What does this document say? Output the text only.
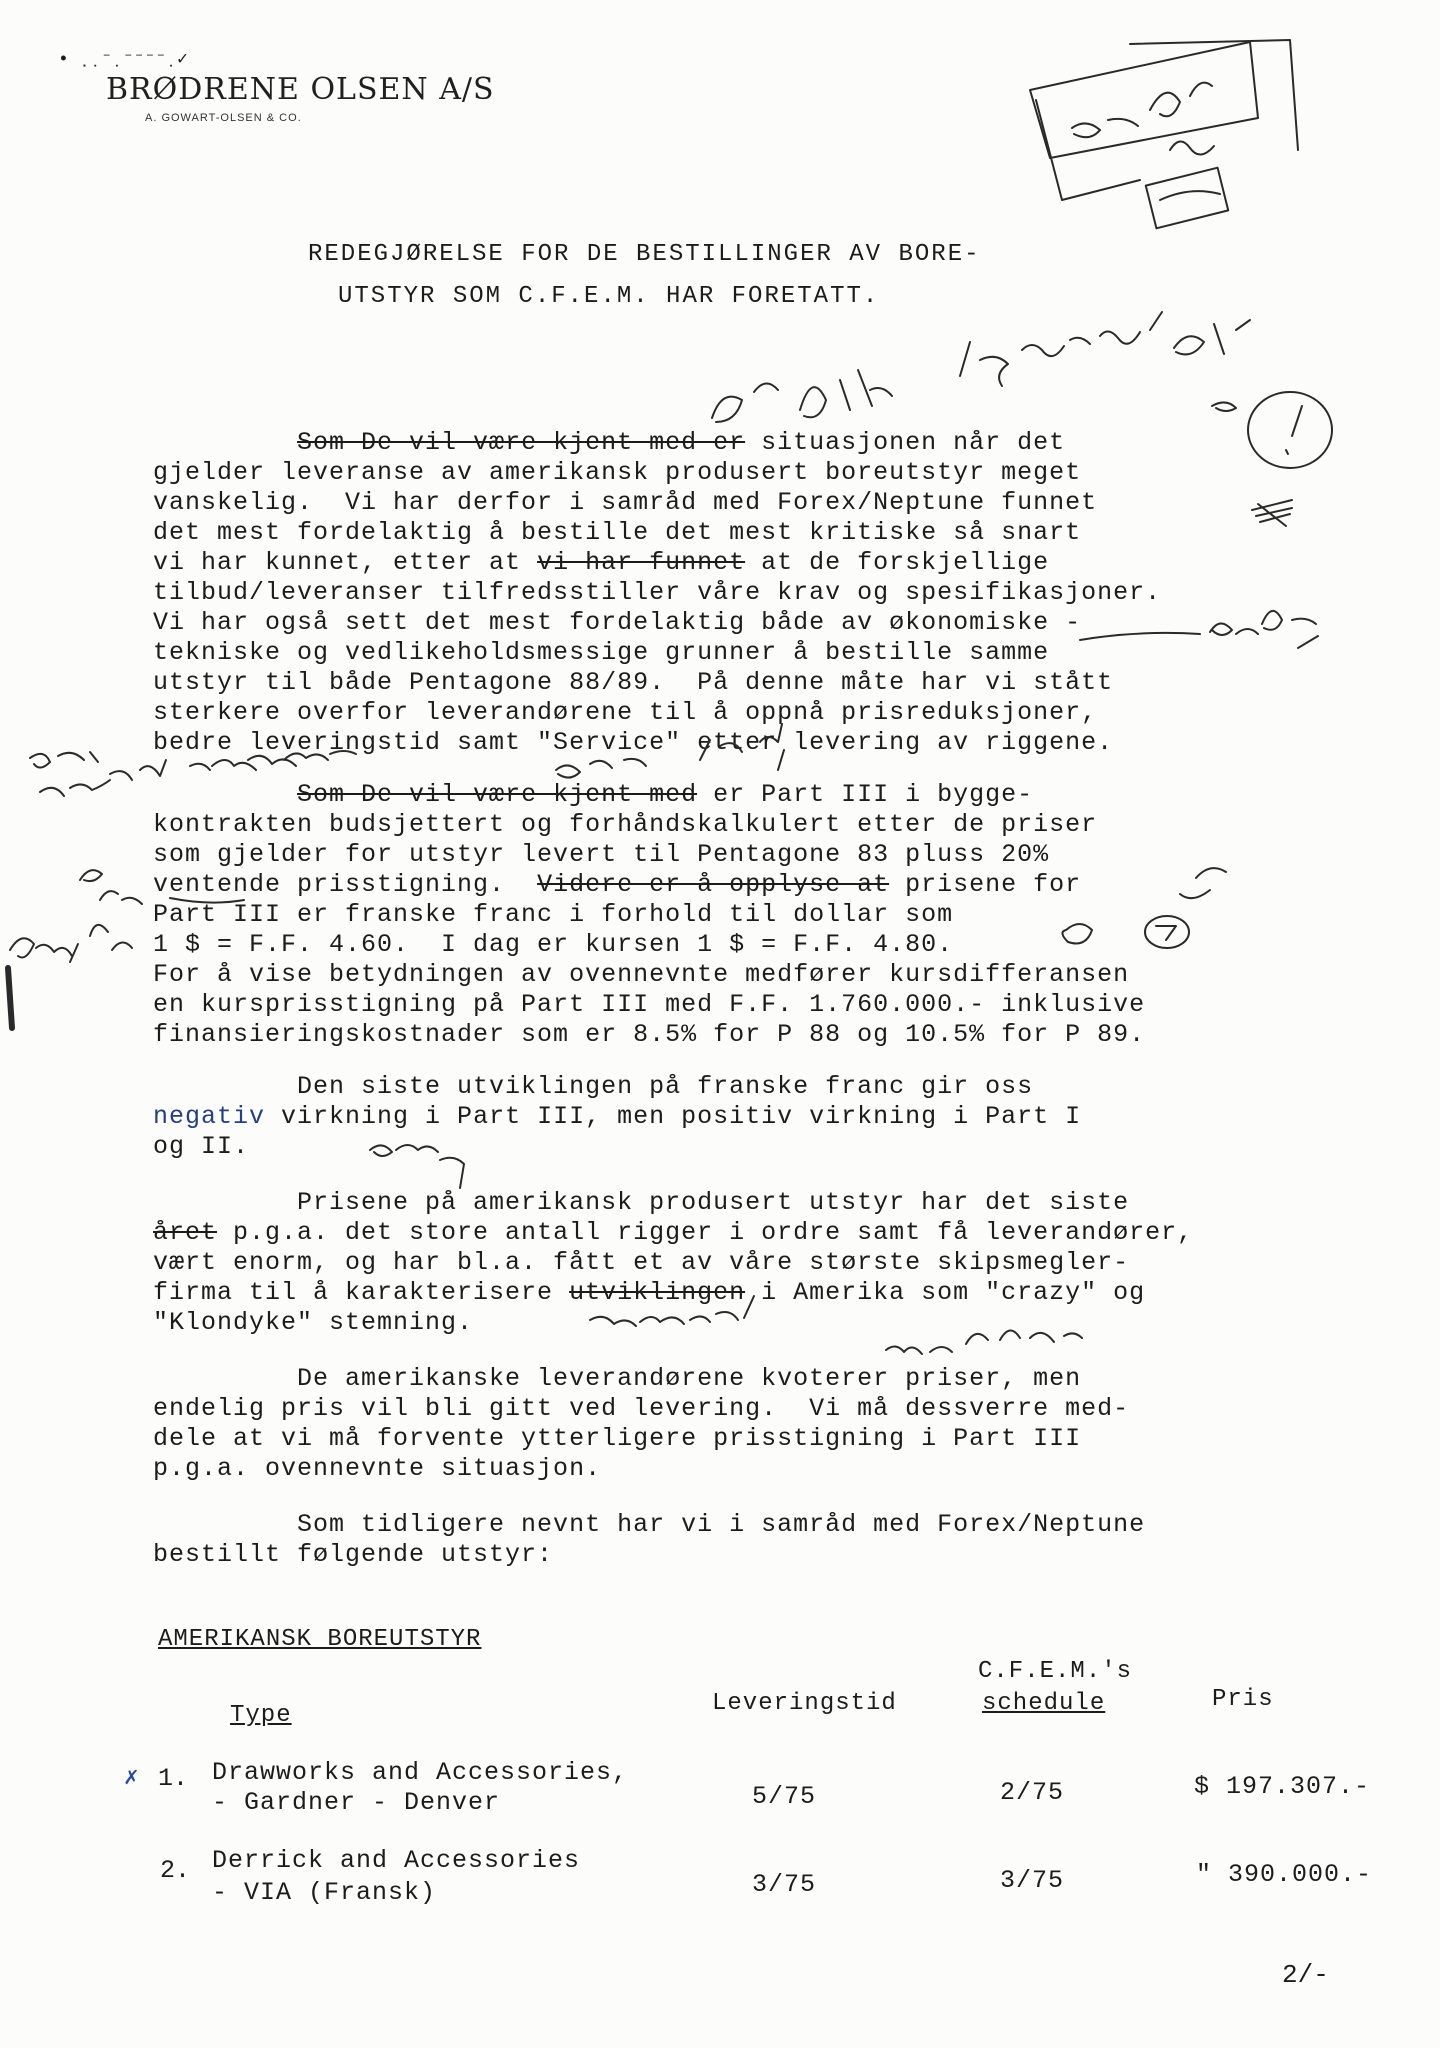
•  ̣̣̣ ̣⁻ ̣⁻⁻⁻⁻ ̣✓
BRØDRENE OLSEN A/S
A. GOWART-OLSEN & CO.
REDEGJØRELSE FOR DE BESTILLINGER AV BORE-
UTSTYR SOM C.F.E.M. HAR FORETATT.
Som De vil være kjent med er situasjonen når det
gjelder leveranse av amerikansk produsert boreutstyr meget
vanskelig.  Vi har derfor i samråd med Forex/Neptune funnet
det mest fordelaktig å bestille det mest kritiske så snart
vi har kunnet, etter at vi har funnet at de forskjellige
tilbud/leveranser tilfredsstiller våre krav og spesifikasjoner.
Vi har også sett det mest fordelaktig både av økonomiske -
tekniske og vedlikeholdsmessige grunner å bestille samme
utstyr til både Pentagone 88/89.  På denne måte har vi stått
sterkere overfor leverandørene til å oppnå prisreduksjoner,
bedre leveringstid samt "Service" etter levering av riggene.
Som De vil være kjent med er Part III i bygge-
kontrakten budsjettert og forhåndskalkulert etter de priser
som gjelder for utstyr levert til Pentagone 83 pluss 20%
ventende prisstigning.  Videre er å opplyse at prisene for
Part III er franske franc i forhold til dollar som
1 $ = F.F. 4.60.  I dag er kursen 1 $ = F.F. 4.80.
For å vise betydningen av ovennevnte medfører kursdifferansen
en kursprisstigning på Part III med F.F. 1.760.000.- inklusive
finansieringskostnader som er 8.5% for P 88 og 10.5% for P 89.
Den siste utviklingen på franske franc gir oss
negativ virkning i Part III, men positiv virkning i Part I
og II.
Prisene på amerikansk produsert utstyr har det siste
året p.g.a. det store antall rigger i ordre samt få leverandører,
vært enorm, og har bl.a. fått et av våre største skipsmegler-
firma til å karakterisere utviklingen i Amerika som "crazy" og
"Klondyke" stemning.
De amerikanske leverandørene kvoterer priser, men
endelig pris vil bli gitt ved levering.  Vi må dessverre med-
dele at vi må forvente ytterligere prisstigning i Part III
p.g.a. ovennevnte situasjon.
Som tidligere nevnt har vi i samråd med Forex/Neptune
bestillt følgende utstyr:
AMERIKANSK BOREUTSTYR
Type	Leveringstid
C.F.E.M.'s
schedule	Pris
✗ 1. Drawworks and Accessories,
- Gardner - Denver	5/75	2/75	$ 197.307.-
2. Derrick and Accessories
- VIA (Fransk)	3/75	3/75	" 390.000.-
2/-
